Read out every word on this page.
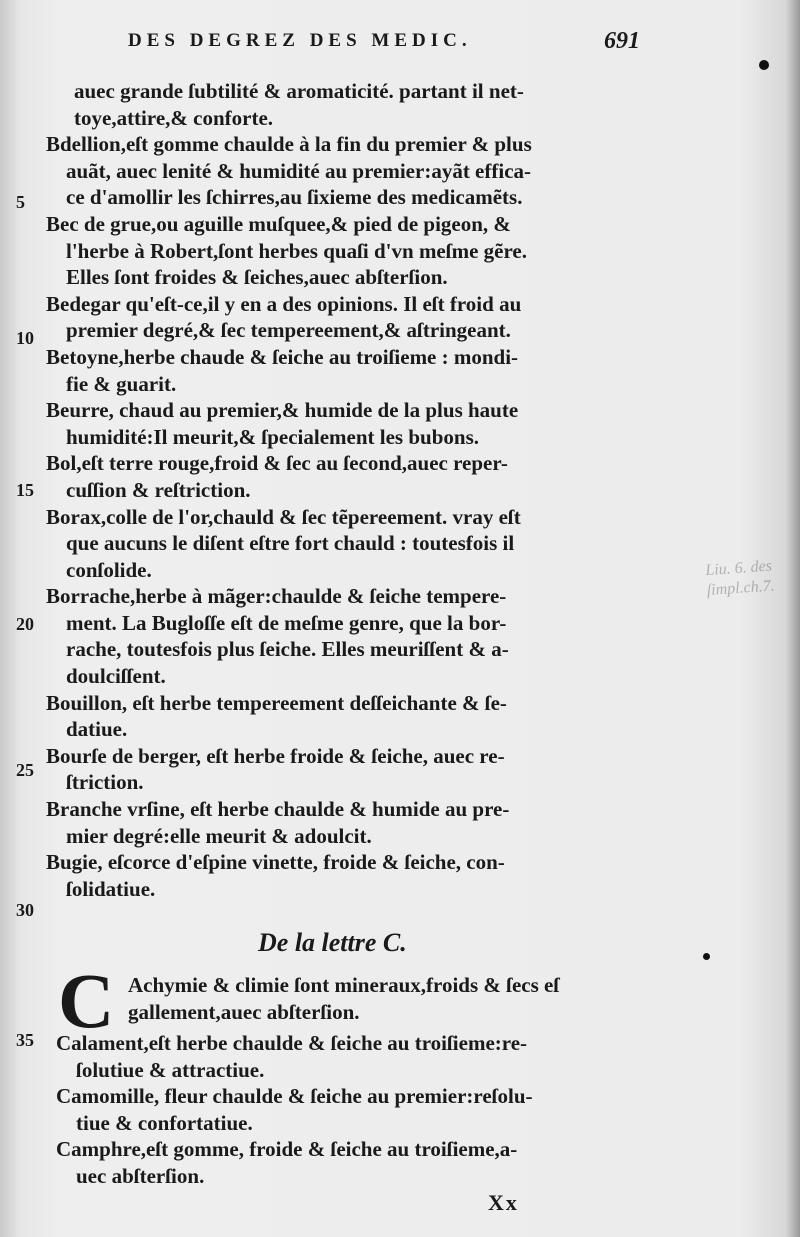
DES DEGREZ DES MEDIC.	691
Liu. 6. des ſimpl.ch.7.
5
10
15
20
25
30
35
auec grande ſubtilité & aromaticité. partant il net-
toye,attire,& conforte.
Bdellion,eſt gomme chaulde à la fin du premier & plus
auãt, auec lenité & humidité au premier:ayãt effica-
ce d'amollir les ſchirres,au ſixieme des medicamẽts.
Bec de grue,ou aguille muſquee,& pied de pigeon, &
l'herbe à Robert,ſont herbes quaſi d'vn meſme gẽre.
Elles ſont froides & ſeiches,auec abſterſion.
Bedegar qu'eſt-ce,il y en a des opinions. Il eſt froid au
premier degré,& ſec tempereement,& aſtringeant.
Betoyne,herbe chaude & ſeiche au troiſieme : mondi-
fie & guarit.
Beurre, chaud au premier,& humide de la plus haute
humidité:Il meurit,& ſpecialement les bubons.
Bol,eſt terre rouge,froid & ſec au ſecond,auec reper-
cuſſion & reſtriction.
Borax,colle de l'or,chauld & ſec tẽpereement. vray eſt
que aucuns le diſent eſtre fort chauld : toutesfois il
conſolide.
Borrache,herbe à mãger:chaulde & ſeiche tempere-
ment. La Bugloſſe eſt de meſme genre, que la bor-
rache, toutesfois plus ſeiche. Elles meuriſſent & a-
doulciſſent.
Bouillon, eſt herbe tempereement deſſeichante & ſe-
datiue.
Bourſe de berger, eſt herbe froide & ſeiche, auec re-
ſtriction.
Branche vrſine, eſt herbe chaulde & humide au pre-
mier degré:elle meurit & adoulcit.
Bugie, eſcorce d'eſpine vinette, froide & ſeiche, con-
ſolidatiue.
De la lettre C.
C Achymie & climie ſont mineraux,froids & ſecs eſ
gallement,auec abſterſion.
Calament,eſt herbe chaulde & ſeiche au troiſieme:re-
ſolutiue & attractiue.
Camomille, fleur chaulde & ſeiche au premier:reſolu-
tiue & confortatiue.
Camphre,eſt gomme, froide & ſeiche au troiſieme,a-
uec abſterſion.
Xx
